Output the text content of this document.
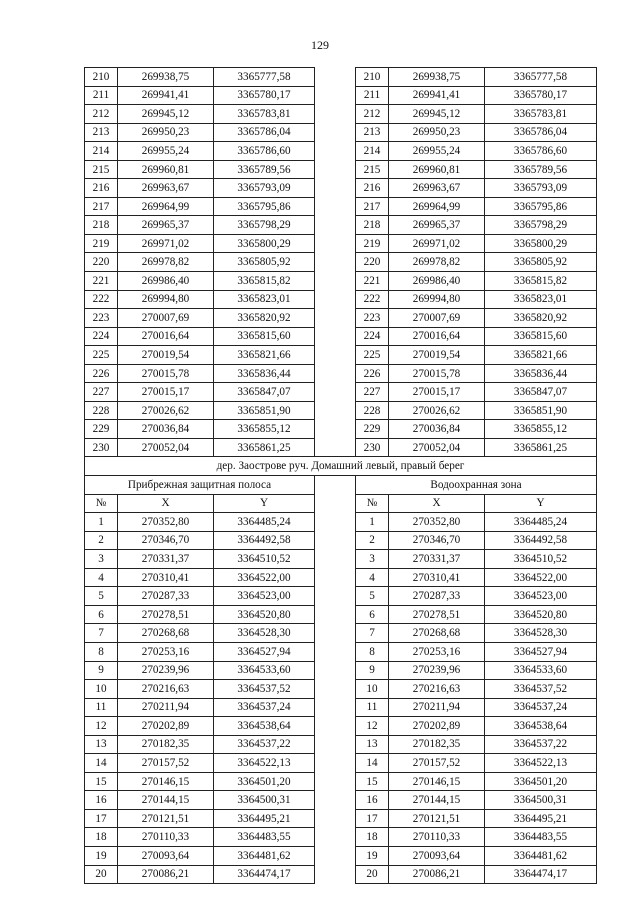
129
210	269938,75	3365777,58		210	269938,75	3365777,58
211	269941,41	3365780,17		211	269941,41	3365780,17
212	269945,12	3365783,81		212	269945,12	3365783,81
213	269950,23	3365786,04		213	269950,23	3365786,04
214	269955,24	3365786,60		214	269955,24	3365786,60
215	269960,81	3365789,56		215	269960,81	3365789,56
216	269963,67	3365793,09		216	269963,67	3365793,09
217	269964,99	3365795,86		217	269964,99	3365795,86
218	269965,37	3365798,29		218	269965,37	3365798,29
219	269971,02	3365800,29		219	269971,02	3365800,29
220	269978,82	3365805,92		220	269978,82	3365805,92
221	269986,40	3365815,82		221	269986,40	3365815,82
222	269994,80	3365823,01		222	269994,80	3365823,01
223	270007,69	3365820,92		223	270007,69	3365820,92
224	270016,64	3365815,60		224	270016,64	3365815,60
225	270019,54	3365821,66		225	270019,54	3365821,66
226	270015,78	3365836,44		226	270015,78	3365836,44
227	270015,17	3365847,07		227	270015,17	3365847,07
228	270026,62	3365851,90		228	270026,62	3365851,90
229	270036,84	3365855,12		229	270036,84	3365855,12
230	270052,04	3365861,25		230	270052,04	3365861,25
дер. Заострове руч. Домашний левый, правый берег						
Прибрежная защитная полоса				Водоохранная зона		
№	X	Y		№	X	Y
1	270352,80	3364485,24		1	270352,80	3364485,24
2	270346,70	3364492,58		2	270346,70	3364492,58
3	270331,37	3364510,52		3	270331,37	3364510,52
4	270310,41	3364522,00		4	270310,41	3364522,00
5	270287,33	3364523,00		5	270287,33	3364523,00
6	270278,51	3364520,80		6	270278,51	3364520,80
7	270268,68	3364528,30		7	270268,68	3364528,30
8	270253,16	3364527,94		8	270253,16	3364527,94
9	270239,96	3364533,60		9	270239,96	3364533,60
10	270216,63	3364537,52		10	270216,63	3364537,52
11	270211,94	3364537,24		11	270211,94	3364537,24
12	270202,89	3364538,64		12	270202,89	3364538,64
13	270182,35	3364537,22		13	270182,35	3364537,22
14	270157,52	3364522,13		14	270157,52	3364522,13
15	270146,15	3364501,20		15	270146,15	3364501,20
16	270144,15	3364500,31		16	270144,15	3364500,31
17	270121,51	3364495,21		17	270121,51	3364495,21
18	270110,33	3364483,55		18	270110,33	3364483,55
19	270093,64	3364481,62		19	270093,64	3364481,62
20	270086,21	3364474,17		20	270086,21	3364474,17
